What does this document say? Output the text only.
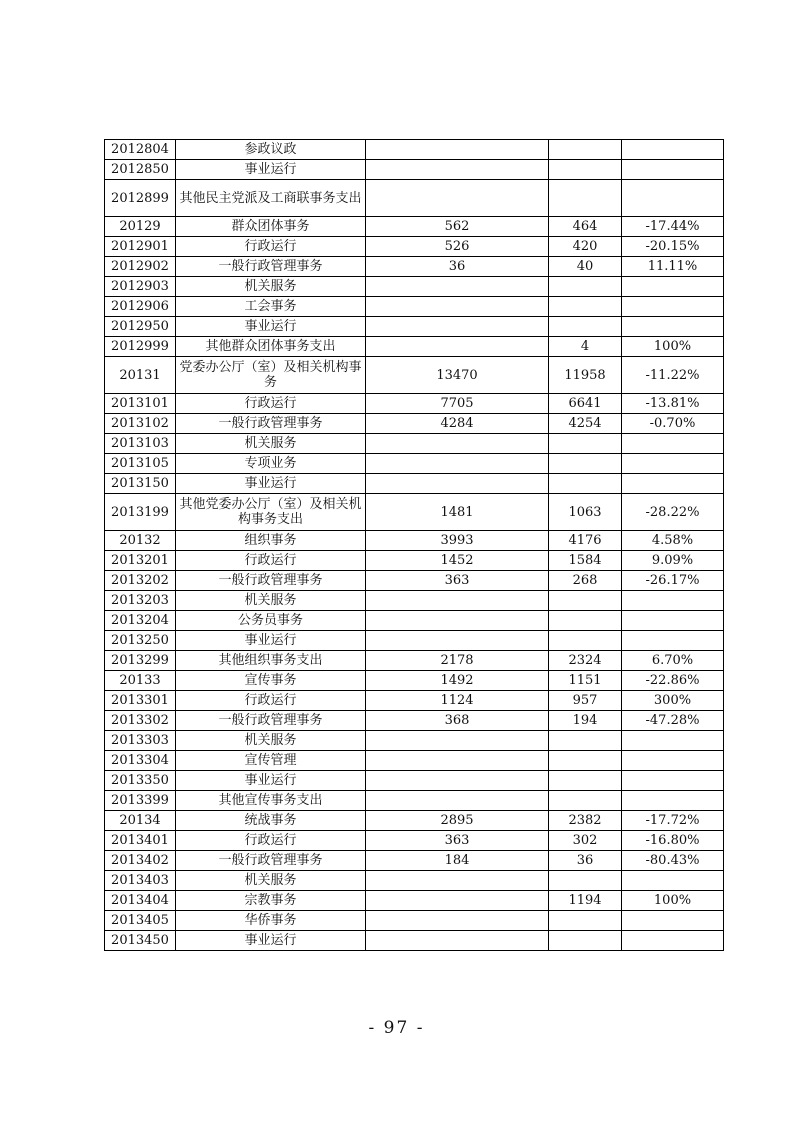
2012804	参政议政			
2012850	事业运行			
2012899	其他民主党派及工商联事务支出			
20129	群众团体事务	562	464	-17.44%
2012901	行政运行	526	420	-20.15%
2012902	一般行政管理事务	36	40	11.11%
2012903	机关服务			
2012906	工会事务			
2012950	事业运行			
2012999	其他群众团体事务支出		4	100%
20131	党委办公厅（室）及相关机构事务	13470	11958	-11.22%
2013101	行政运行	7705	6641	-13.81%
2013102	一般行政管理事务	4284	4254	-0.70%
2013103	机关服务			
2013105	专项业务			
2013150	事业运行			
2013199	其他党委办公厅（室）及相关机构事务支出	1481	1063	-28.22%
20132	组织事务	3993	4176	4.58%
2013201	行政运行	1452	1584	9.09%
2013202	一般行政管理事务	363	268	-26.17%
2013203	机关服务			
2013204	公务员事务			
2013250	事业运行			
2013299	其他组织事务支出	2178	2324	6.70%
20133	宣传事务	1492	1151	-22.86%
2013301	行政运行	1124	957	300%
2013302	一般行政管理事务	368	194	-47.28%
2013303	机关服务			
2013304	宣传管理			
2013350	事业运行			
2013399	其他宣传事务支出			
20134	统战事务	2895	2382	-17.72%
2013401	行政运行	363	302	-16.80%
2013402	一般行政管理事务	184	36	-80.43%
2013403	机关服务			
2013404	宗教事务		1194	100%
2013405	华侨事务			
2013450	事业运行			
- 97 -
